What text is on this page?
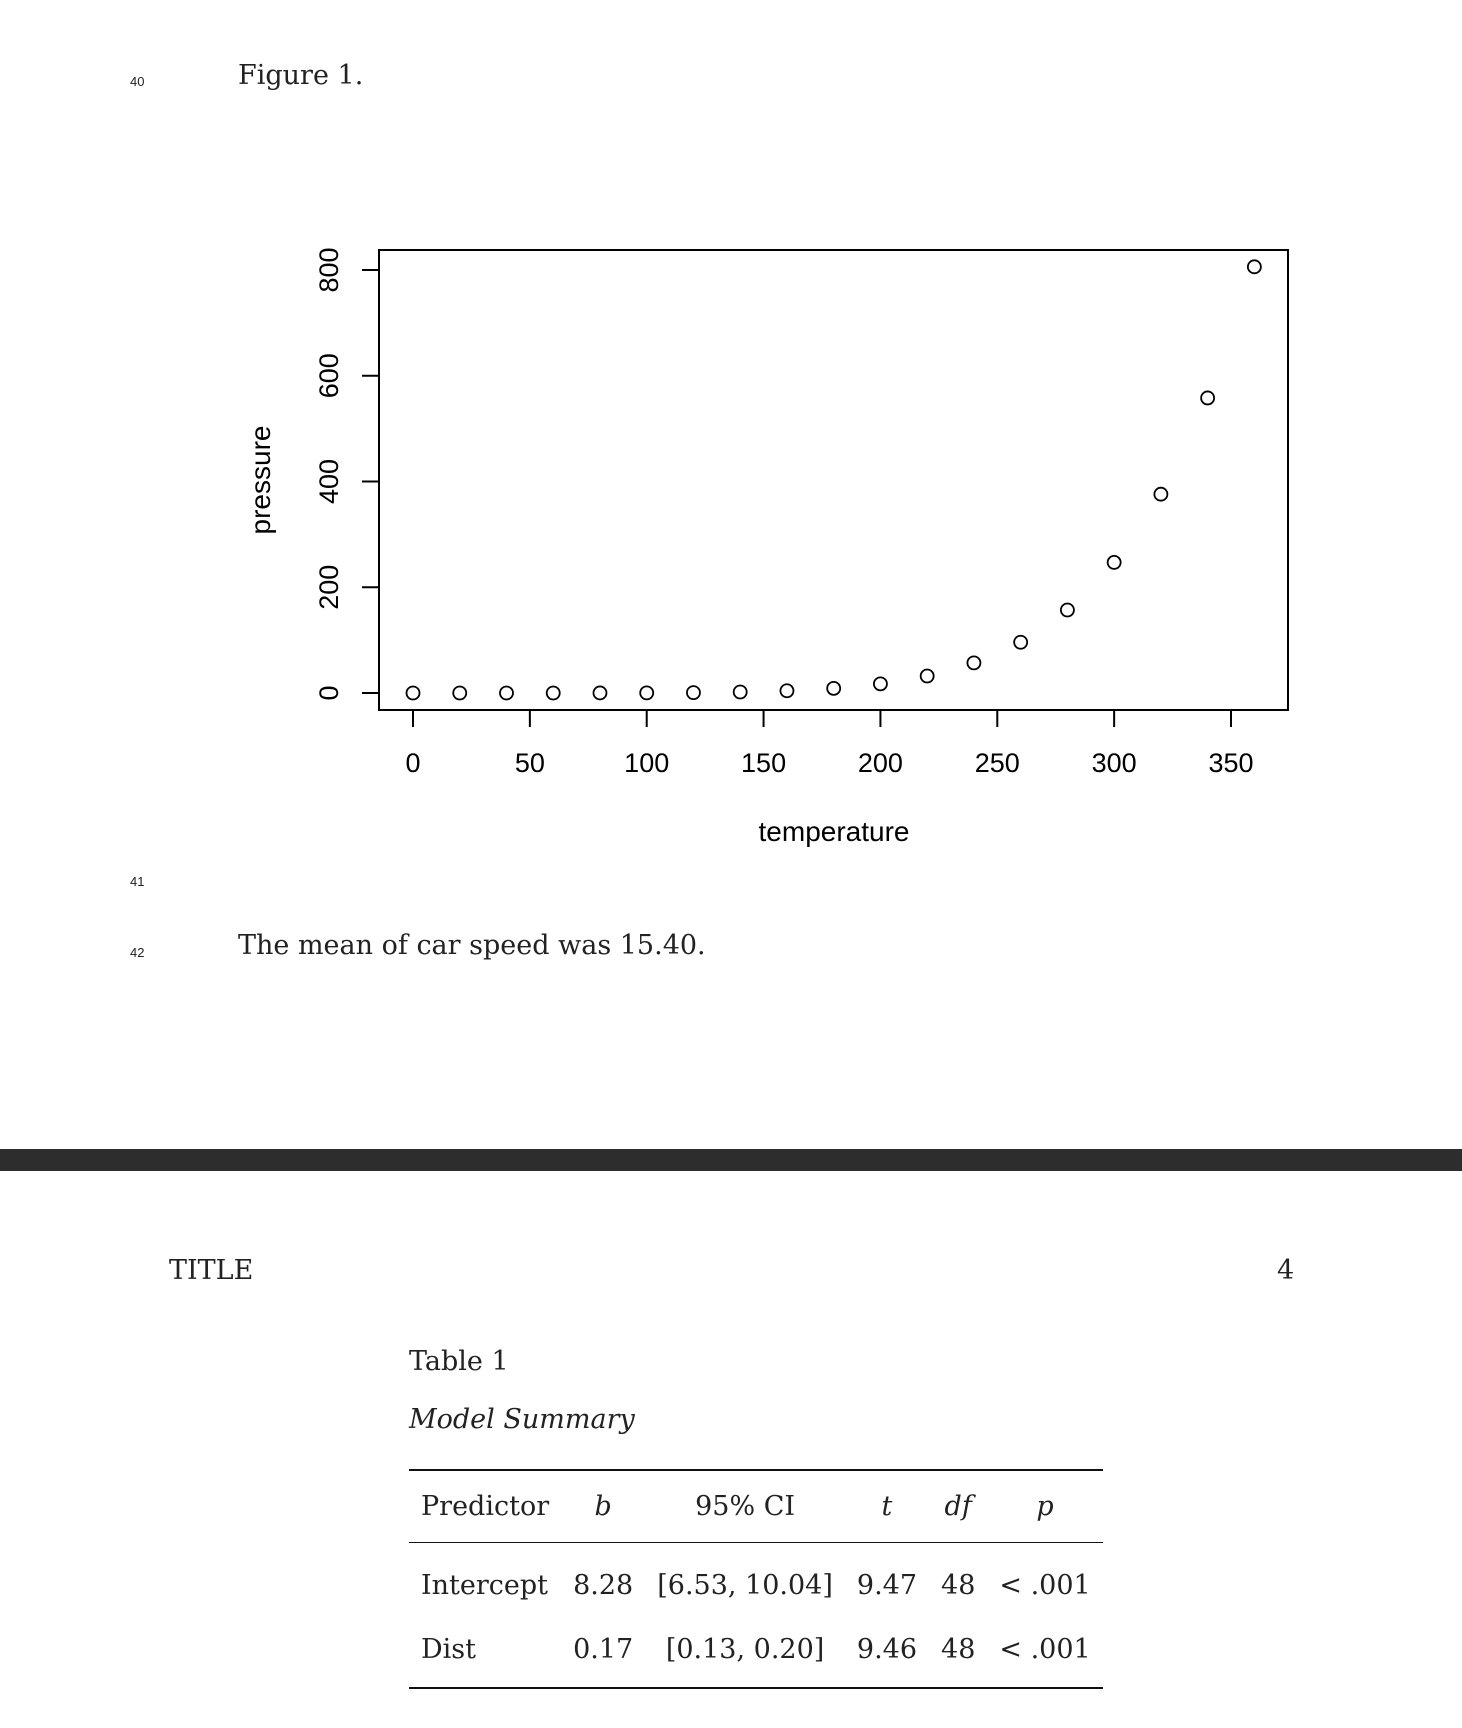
40	Figure 1.
0	50	100	150	200	250	300	350
0
200
400
600
800
temperature
pressure
41
42	The mean of car speed was 15.40.
TITLE	4
Table 1
Model Summary
Predictor	b	95% CI	t	df	p
Intercept	8.28	[6.53, 10.04]	9.47	48	< .001
Dist	0.17	[0.13, 0.20]	9.46	48	< .001
